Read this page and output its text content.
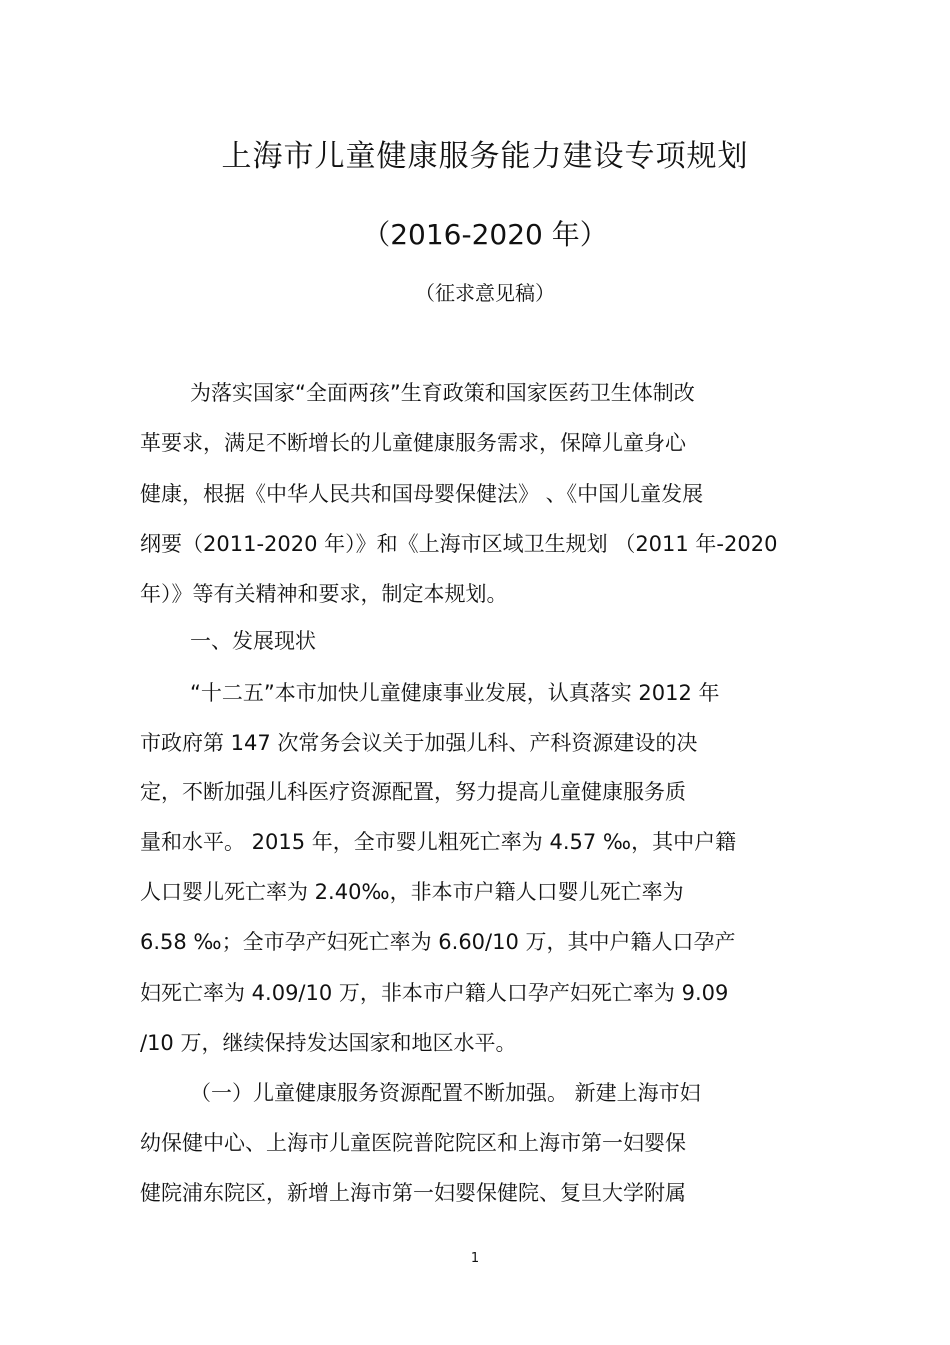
上海市儿童健康服务能力建设专项规划
（2016-2020 年）
（征求意见稿）
为落实国家“全面两孩”生育政策和国家医药卫生体制改
革要求，满足不断增长的儿童健康服务需求，保障儿童身心
健康，根据《中华人民共和国母婴保健法》 、《中国儿童发展
纲要（2011-2020 年）》和《上海市区域卫生规划 （2011 年-2020
年）》等有关精神和要求，制定本规划。
一、发展现状
“十二五”本市加快儿童健康事业发展，认真落实 2012 年
市政府第 147 次常务会议关于加强儿科、产科资源建设的决
定，不断加强儿科医疗资源配置，努力提高儿童健康服务质
量和水平。 2015 年，全市婴儿粗死亡率为 4.57 ‰，其中户籍
人口婴儿死亡率为 2.40‰，非本市户籍人口婴儿死亡率为
6.58 ‰；全市孕产妇死亡率为 6.60/10 万，其中户籍人口孕产
妇死亡率为 4.09/10 万，非本市户籍人口孕产妇死亡率为 9.09
/10 万，继续保持发达国家和地区水平。
（一）儿童健康服务资源配置不断加强。 新建上海市妇
幼保健中心、上海市儿童医院普陀院区和上海市第一妇婴保
健院浦东院区，新增上海市第一妇婴保健院、复旦大学附属
1
